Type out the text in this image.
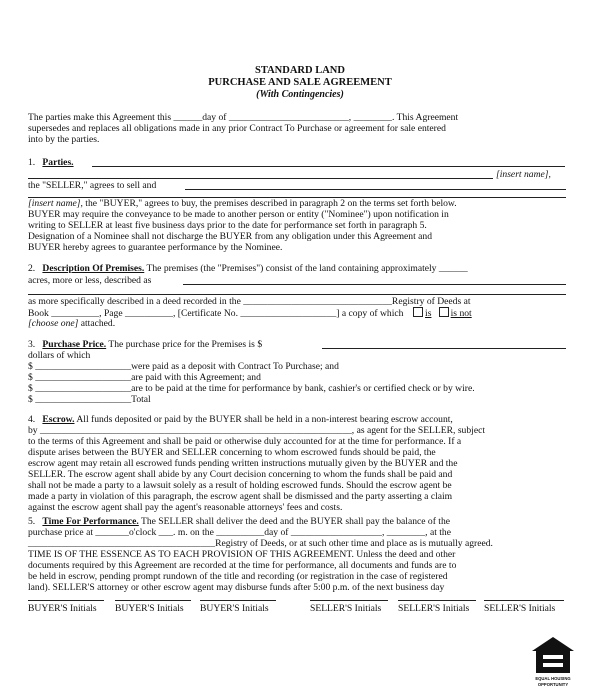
STANDARD LAND
PURCHASE AND SALE AGREEMENT
(With Contingencies)
The parties make this Agreement this ______day of _________________________, ________. This Agreement
supersedes and replaces all obligations made in any prior Contract To Purchase or agreement for sale entered
into by the parties.
1. Parties.
[insert name],
the "SELLER," agrees to sell and
[insert name], the "BUYER," agrees to buy, the premises described in paragraph 2 on the terms set forth below.
BUYER may require the conveyance to be made to another person or entity ("Nominee") upon notification in
writing to SELLER at least five business days prior to the date for performance set forth in paragraph 5.
Designation of a Nominee shall not discharge the BUYER from any obligation under this Agreement and
BUYER hereby agrees to guarantee performance by the Nominee.
2. Description Of Premises. The premises (the "Premises") consist of the land containing approximately ______
acres, more or less, described as
as more specifically described in a deed recorded in the _______________________________Registry of Deeds at
Book __________, Page __________, [Certificate No. ____________________] a copy of which is is not
[choose one] attached.
3. Purchase Price. The purchase price for the Premises is $
dollars of which
$ ____________________were paid as a deposit with Contract To Purchase; and
$ ____________________are paid with this Agreement; and
$ ____________________are to be paid at the time for performance by bank, cashier's or certified check or by wire.
$ ____________________Total
4. Escrow. All funds deposited or paid by the BUYER shall be held in a non-interest bearing escrow account,
by _________________________________________________________________, as agent for the SELLER, subject
to the terms of this Agreement and shall be paid or otherwise duly accounted for at the time for performance. If a
dispute arises between the BUYER and SELLER concerning to whom escrowed funds should be paid, the
escrow agent may retain all escrowed funds pending written instructions mutually given by the BUYER and the
SELLER. The escrow agent shall abide by any Court decision concerning to whom the funds shall be paid and
shall not be made a party to a lawsuit solely as a result of holding escrowed funds. Should the escrow agent be
made a party in violation of this paragraph, the escrow agent shall be dismissed and the party asserting a claim
against the escrow agent shall pay the agent's reasonable attorneys' fees and costs.
5. Time For Performance. The SELLER shall deliver the deed and the BUYER shall pay the balance of the
purchase price at _______o'clock ___. m. on the __________day of ___________________, ________, at the
_______________________________________Registry of Deeds, or at such other time and place as is mutually agreed.
TIME IS OF THE ESSENCE AS TO EACH PROVISION OF THIS AGREEMENT. Unless the deed and other
documents required by this Agreement are recorded at the time for performance, all documents and funds are to
be held in escrow, pending prompt rundown of the title and recording (or registration in the case of registered
land). SELLER'S attorney or other escrow agent may disburse funds after 5:00 p.m. of the next business day
BUYER'S Initials BUYER'S Initials BUYER'S Initials	SELLER'S Initials SELLER'S Initials SELLER'S Initials
EQUAL HOUSING
OPPORTUNITY
